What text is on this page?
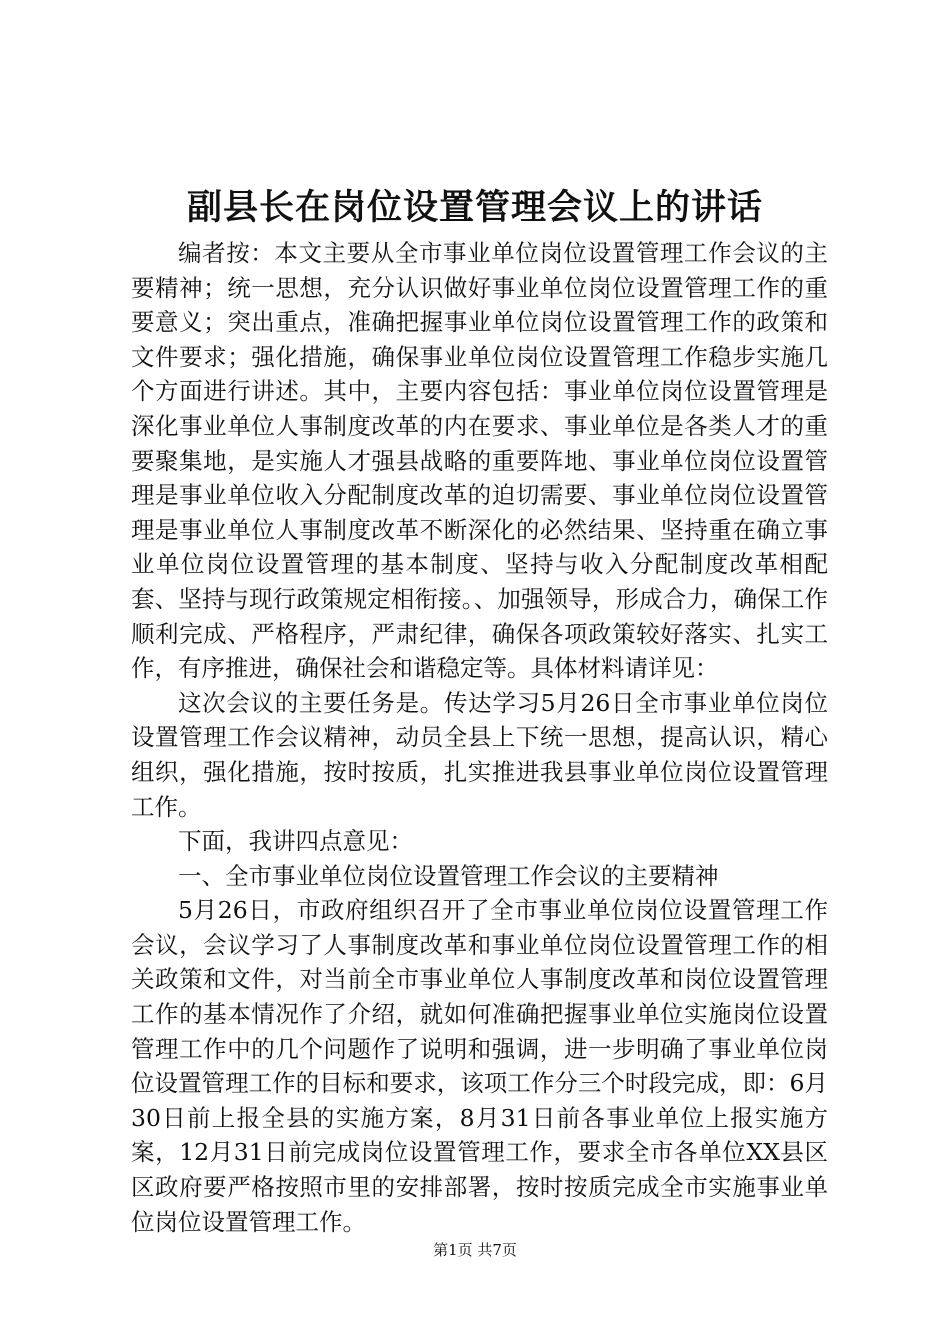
副县长在岗位设置管理会议上的讲话

编者按：本文主要从全市事业单位岗位设置管理工作会议的主要精神；统一思想，充分认识做好事业单位岗位设置管理工作的重要意义；突出重点，准确把握事业单位岗位设置管理工作的政策和文件要求；强化措施，确保事业单位岗位设置管理工作稳步实施几个方面进行讲述。其中，主要内容包括：事业单位岗位设置管理是深化事业单位人事制度改革的内在要求、事业单位是各类人才的重要聚集地，是实施人才强县战略的重要阵地、事业单位岗位设置管理是事业单位收入分配制度改革的迫切需要、事业单位岗位设置管理是事业单位人事制度改革不断深化的必然结果、坚持重在确立事业单位岗位设置管理的基本制度、坚持与收入分配制度改革相配套、坚持与现行政策规定相衔接。、加强领导，形成合力，确保工作顺利完成、严格程序，严肃纪律，确保各项政策较好落实、扎实工作，有序推进，确保社会和谐稳定等。具体材料请详见：

这次会议的主要任务是。传达学习5月26日全市事业单位岗位设置管理工作会议精神，动员全县上下统一思想，提高认识，精心组织，强化措施，按时按质，扎实推进我县事业单位岗位设置管理工作。

下面，我讲四点意见：

一、全市事业单位岗位设置管理工作会议的主要精神

5月26日，市政府组织召开了全市事业单位岗位设置管理工作会议，会议学习了人事制度改革和事业单位岗位设置管理工作的相关政策和文件，对当前全市事业单位人事制度改革和岗位设置管理工作的基本情况作了介绍，就如何准确把握事业单位实施岗位设置管理工作中的几个问题作了说明和强调，进一步明确了事业单位岗位设置管理工作的目标和要求，该项工作分三个时段完成，即：6月30日前上报全县的实施方案，8月31日前各事业单位上报实施方案，12月31日前完成岗位设置管理工作，要求全市各单位XX县区区政府要严格按照市里的安排部署，按时按质完成全市实施事业单位岗位设置管理工作。

第1页 共7页
